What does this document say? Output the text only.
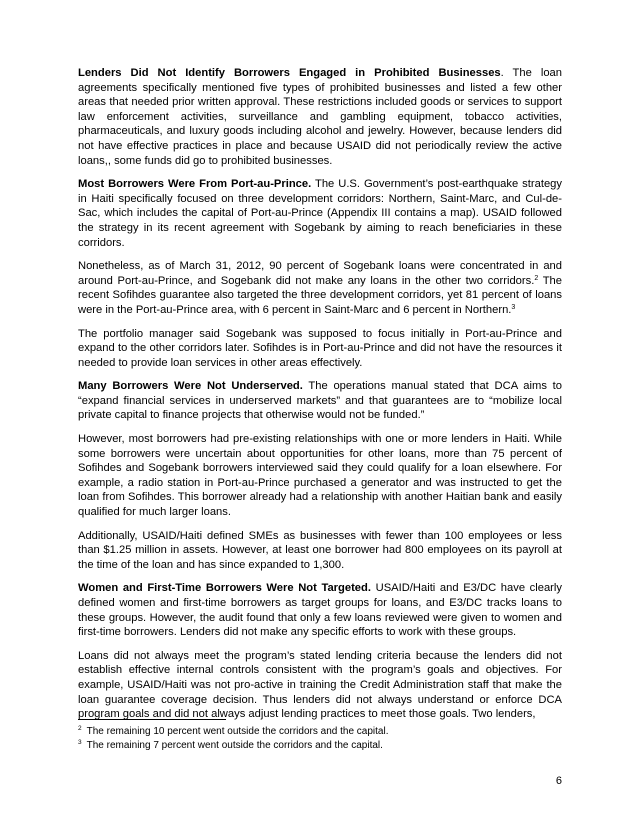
Lenders Did Not Identify Borrowers Engaged in Prohibited Businesses. The loan agreements specifically mentioned five types of prohibited businesses and listed a few other areas that needed prior written approval. These restrictions included goods or services to support law enforcement activities, surveillance and gambling equipment, tobacco activities, pharmaceuticals, and luxury goods including alcohol and jewelry. However, because lenders did not have effective practices in place and because USAID did not periodically review the active loans,, some funds did go to prohibited businesses.

Most Borrowers Were From Port-au-Prince. The U.S. Government’s post-earthquake strategy in Haiti specifically focused on three development corridors: Northern, Saint-Marc, and Cul-de-Sac, which includes the capital of Port-au-Prince (Appendix III contains a map). USAID followed the strategy in its recent agreement with Sogebank by aiming to reach beneficiaries in these corridors.

Nonetheless, as of March 31, 2012, 90 percent of Sogebank loans were concentrated in and around Port-au-Prince, and Sogebank did not make any loans in the other two corridors.$^2$ The recent Sofihdes guarantee also targeted the three development corridors, yet 81 percent of loans were in the Port-au-Prince area, with 6 percent in Saint-Marc and 6 percent in Northern.$^3$

The portfolio manager said Sogebank was supposed to focus initially in Port-au-Prince and expand to the other corridors later. Sofihdes is in Port-au-Prince and did not have the resources it needed to provide loan services in other areas effectively.

Many Borrowers Were Not Underserved. The operations manual stated that DCA aims to “expand financial services in underserved markets” and that guarantees are to “mobilize local private capital to finance projects that otherwise would not be funded.”

However, most borrowers had pre-existing relationships with one or more lenders in Haiti. While some borrowers were uncertain about opportunities for other loans, more than 75 percent of Sofihdes and Sogebank borrowers interviewed said they could qualify for a loan elsewhere. For example, a radio station in Port-au-Prince purchased a generator and was instructed to get the loan from Sofihdes. This borrower already had a relationship with another Haitian bank and easily qualified for much larger loans.

Additionally, USAID/Haiti defined SMEs as businesses with fewer than 100 employees or less than $1.25 million in assets. However, at least one borrower had 800 employees on its payroll at the time of the loan and has since expanded to 1,300.

Women and First-Time Borrowers Were Not Targeted. USAID/Haiti and E3/DC have clearly defined women and first-time borrowers as target groups for loans, and E3/DC tracks loans to these groups. However, the audit found that only a few loans reviewed were given to women and first-time borrowers. Lenders did not make any specific efforts to work with these groups.

Loans did not always meet the program’s stated lending criteria because the lenders did not establish effective internal controls consistent with the program’s goals and objectives. For example, USAID/Haiti was not pro-active in training the Credit Administration staff that make the loan guarantee coverage decision. Thus lenders did not always understand or enforce DCA program goals and did not always adjust lending practices to meet those goals. Two lenders,

$^2$ The remaining 10 percent went outside the corridors and the capital.
$^3$ The remaining 7 percent went outside the corridors and the capital.
6
